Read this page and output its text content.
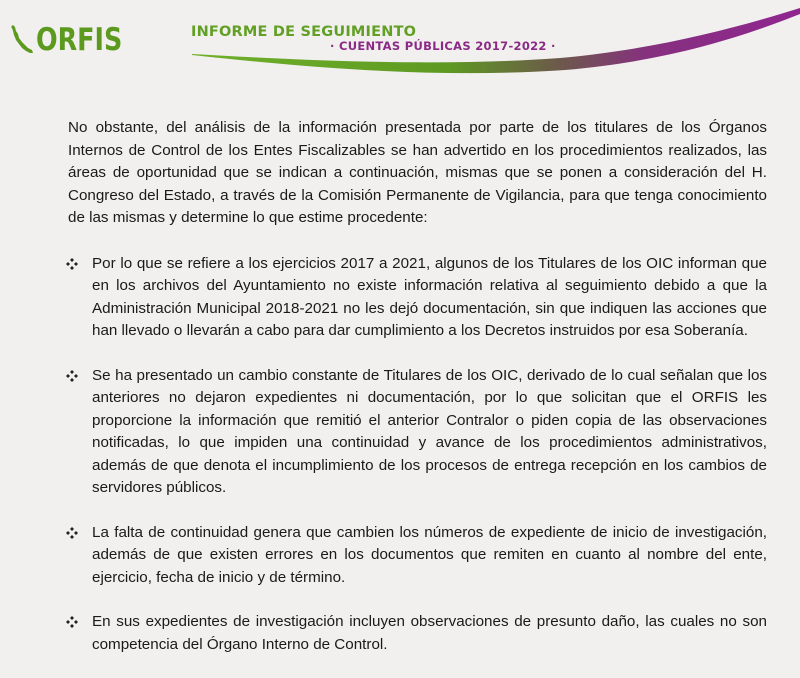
ORFIS	INFORME DE SEGUIMIENTO
· CUENTAS PÚBLICAS 2017-2022 ·

No obstante, del análisis de la información presentada por parte de los titulares de los Órganos Internos de Control de los Entes Fiscalizables se han advertido en los procedimientos realizados, las áreas de oportunidad que se indican a continuación, mismas que se ponen a consideración del H. Congreso del Estado, a través de la Comisión Permanente de Vigilancia, para que tenga conocimiento de las mismas y determine lo que estime procedente:

Por lo que se refiere a los ejercicios 2017 a 2021, algunos de los Titulares de los OIC informan que en los archivos del Ayuntamiento no existe información relativa al seguimiento debido a que la Administración Municipal 2018-2021 no les dejó documentación, sin que indiquen las acciones que han llevado o llevarán a cabo para dar cumplimiento a los Decretos instruidos por esa Soberanía.
Se ha presentado un cambio constante de Titulares de los OIC, derivado de lo cual señalan que los anteriores no dejaron expedientes ni documentación, por lo que solicitan que el ORFIS les proporcione la información que remitió el anterior Contralor o piden copia de las observaciones notificadas, lo que impiden una continuidad y avance de los procedimientos administrativos, además de que denota el incumplimiento de los procesos de entrega recepción en los cambios de servidores públicos.
La falta de continuidad genera que cambien los números de expediente de inicio de investigación, además de que existen errores en los documentos que remiten en cuanto al nombre del ente, ejercicio, fecha de inicio y de término.
En sus expedientes de investigación incluyen observaciones de presunto daño, las cuales no son competencia del Órgano Interno de Control.
